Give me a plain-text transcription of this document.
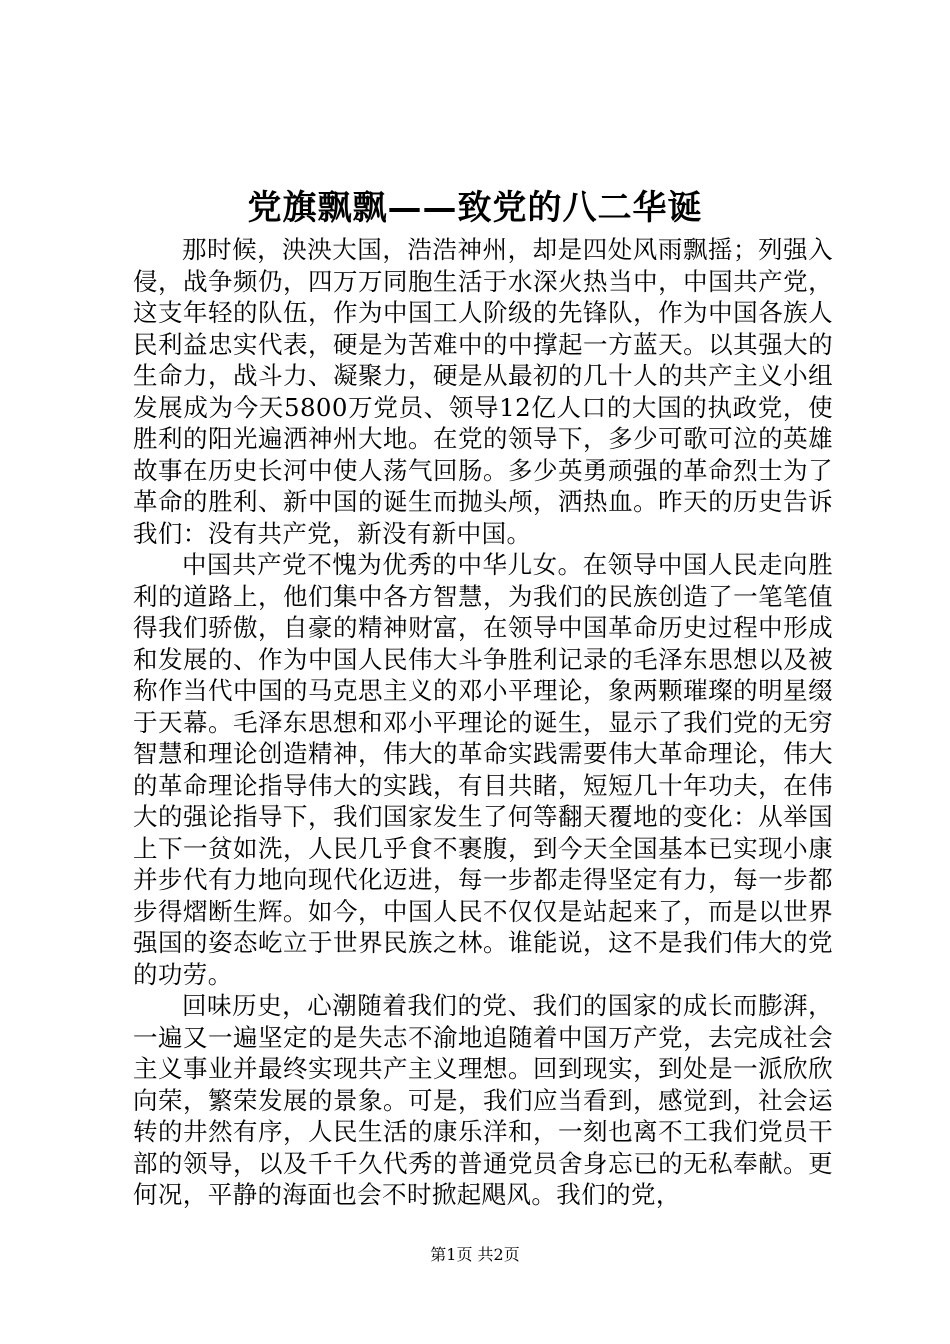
党旗飘飘——致党的八二华诞

那时候，泱泱大国，浩浩神州，却是四处风雨飘摇；列强入侵，战争频仍，四万万同胞生活于水深火热当中，中国共产党，这支年轻的队伍，作为中国工人阶级的先锋队，作为中国各族人民利益忠实代表，硬是为苦难中的中撑起一方蓝天。以其强大的生命力，战斗力、凝聚力，硬是从最初的几十人的共产主义小组发展成为今天5800万党员、领导12亿人口的大国的执政党，使胜利的阳光遍洒神州大地。在党的领导下，多少可歌可泣的英雄故事在历史长河中使人荡气回肠。多少英勇顽强的革命烈士为了革命的胜利、新中国的诞生而抛头颅，洒热血。昨天的历史告诉我们：没有共产党，新没有新中国。

中国共产党不愧为优秀的中华儿女。在领导中国人民走向胜利的道路上，他们集中各方智慧，为我们的民族创造了一笔笔值得我们骄傲，自豪的精神财富，在领导中国革命历史过程中形成和发展的、作为中国人民伟大斗争胜利记录的毛泽东思想以及被称作当代中国的马克思主义的邓小平理论，象两颗璀璨的明星缀于天幕。毛泽东思想和邓小平理论的诞生，显示了我们党的无穷智慧和理论创造精神，伟大的革命实践需要伟大革命理论，伟大的革命理论指导伟大的实践，有目共睹，短短几十年功夫，在伟大的强论指导下，我们国家发生了何等翻天覆地的变化：从举国上下一贫如洗，人民几乎食不裹腹，到今天全国基本已实现小康并步代有力地向现代化迈进，每一步都走得坚定有力，每一步都步得熠断生辉。如今，中国人民不仅仅是站起来了，而是以世界强国的姿态屹立于世界民族之林。谁能说，这不是我们伟大的党的功劳。

回味历史，心潮随着我们的党、我们的国家的成长而膨湃，一遍又一遍坚定的是失志不渝地追随着中国万产党，去完成社会主义事业并最终实现共产主义理想。回到现实，到处是一派欣欣向荣，繁荣发展的景象。可是，我们应当看到，感觉到，社会运转的井然有序，人民生活的康乐洋和，一刻也离不工我们党员干部的领导，以及千千久代秀的普通党员舍身忘已的无私奉献。更何况，平静的海面也会不时掀起飓风。我们的党，

第1页 共2页
